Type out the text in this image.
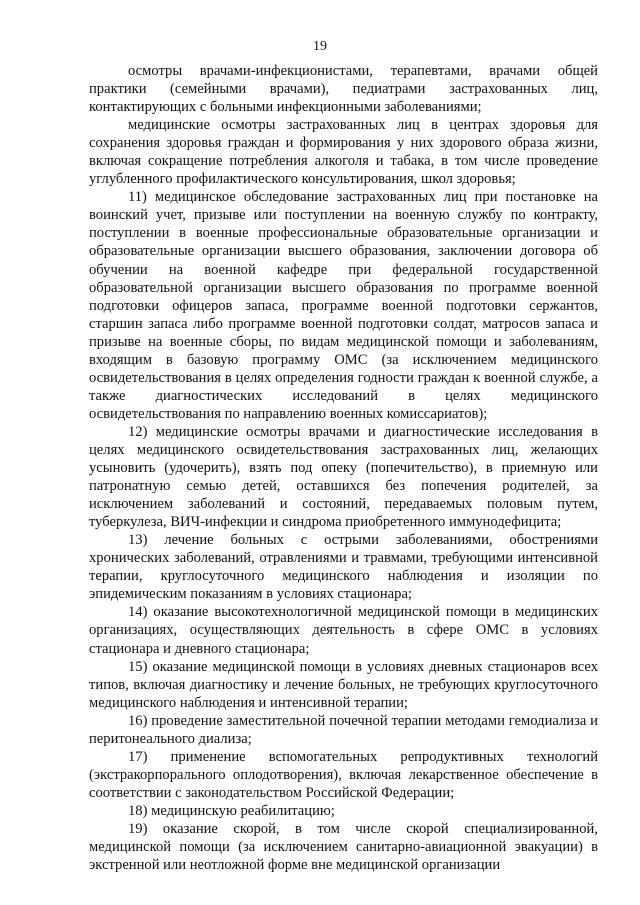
19

осмотры врачами-инфекционистами, терапевтами, врачами общей практики (семейными врачами), педиатрами застрахованных лиц, контактирующих с больными инфекционными заболеваниями;

медицинские осмотры застрахованных лиц в центрах здоровья для сохранения здоровья граждан и формирования у них здорового образа жизни, включая сокращение потребления алкоголя и табака, в том числе проведение углубленного профилактического консультирования, школ здоровья;

11) медицинское обследование застрахованных лиц при постановке на воинский учет, призыве или поступлении на военную службу по контракту, поступлении в военные профессиональные образовательные организации и образовательные организации высшего образования, заключении договора об обучении на военной кафедре при федеральной государственной образовательной организации высшего образования по программе военной подготовки офицеров запаса, программе военной подготовки сержантов, старшин запаса либо программе военной подготовки солдат, матросов запаса и призыве на военные сборы, по видам медицинской помощи и заболеваниям, входящим в базовую программу ОМС (за исключением медицинского освидетельствования в целях определения годности граждан к военной службе, а также диагностических исследований в целях медицинского освидетельствования по направлению военных комиссариатов);

12) медицинские осмотры врачами и диагностические исследования в целях медицинского освидетельствования застрахованных лиц, желающих усыновить (удочерить), взять под опеку (попечительство), в приемную или патронатную семью детей, оставшихся без попечения родителей, за исключением заболеваний и состояний, передаваемых половым путем, туберкулеза, ВИЧ-инфекции и синдрома приобретенного иммунодефицита;

13) лечение больных с острыми заболеваниями, обострениями хронических заболеваний, отравлениями и травмами, требующими интенсивной терапии, круглосуточного медицинского наблюдения и изоляции по эпидемическим показаниям в условиях стационара;

14) оказание высокотехнологичной медицинской помощи в медицинских организациях, осуществляющих деятельность в сфере ОМС в условиях стационара и дневного стационара;

15) оказание медицинской помощи в условиях дневных стационаров всех типов, включая диагностику и лечение больных, не требующих круглосуточного медицинского наблюдения и интенсивной терапии;

16) проведение заместительной почечной терапии методами гемодиализа и перитонеального диализа;

17) применение вспомогательных репродуктивных технологий (экстракорпорального оплодотворения), включая лекарственное обеспечение в соответствии с законодательством Российской Федерации;

18) медицинскую реабилитацию;

19) оказание скорой, в том числе скорой специализированной, медицинской помощи (за исключением санитарно-авиационной эвакуации) в экстренной или неотложной форме вне медицинской организации
